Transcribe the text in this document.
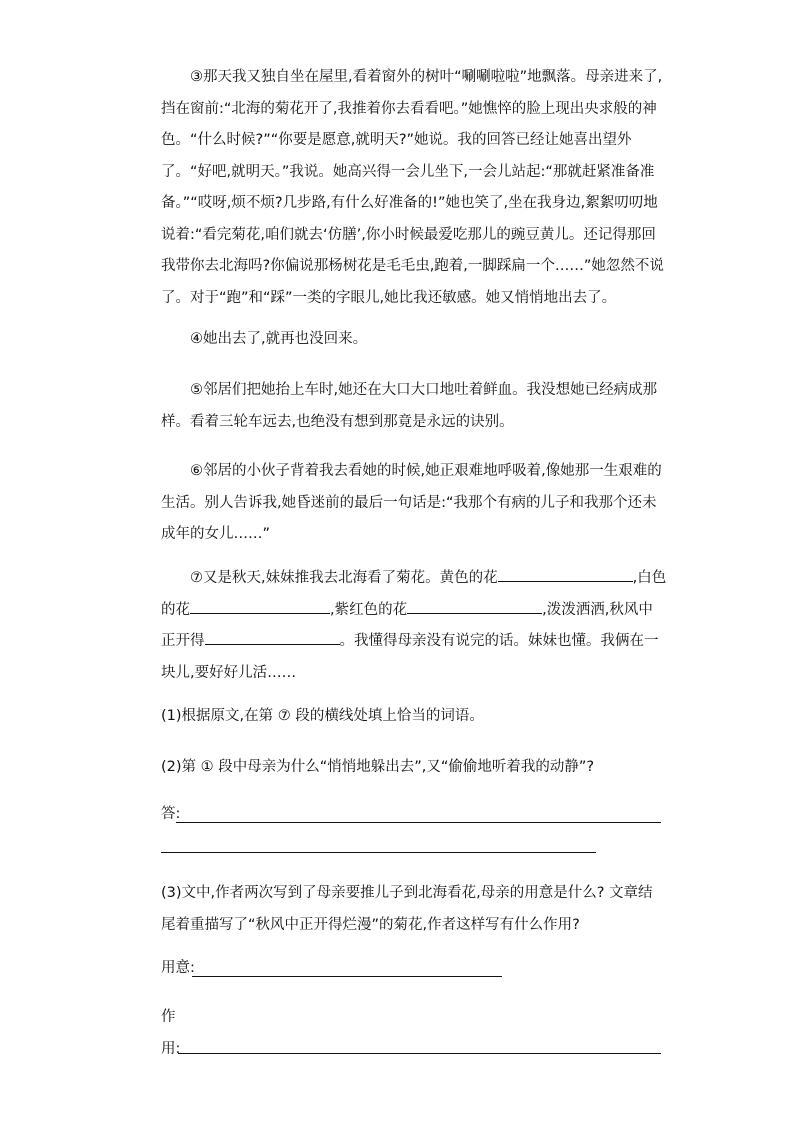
③那天我又独自坐在屋里,看着窗外的树叶“唰唰啦啦”地飘落。母亲进来了,挡在窗前:“北海的菊花开了,我推着你去看看吧。”她憔悴的脸上现出央求般的神色。“什么时候?”“你要是愿意,就明天?”她说。我的回答已经让她喜出望外了。“好吧,就明天。”我说。她高兴得一会儿坐下,一会儿站起:“那就赶紧准备准备。”“哎呀,烦不烦?几步路,有什么好准备的!”她也笑了,坐在我身边,絮絮叨叨地说着:“看完菊花,咱们就去‘仿膳’,你小时候最爱吃那儿的豌豆黄儿。还记得那回我带你去北海吗?你偏说那杨树花是毛毛虫,跑着,一脚踩扁一个……”她忽然不说了。对于“跑”和“踩”一类的字眼儿,她比我还敏感。她又悄悄地出去了。

④她出去了,就再也没回来。

⑤邻居们把她抬上车时,她还在大口大口地吐着鲜血。我没想她已经病成那样。看着三轮车远去,也绝没有想到那竟是永远的诀别。

⑥邻居的小伙子背着我去看她的时候,她正艰难地呼吸着,像她那一生艰难的生活。别人告诉我,她昏迷前的最后一句话是:“我那个有病的儿子和我那个还未成年的女儿……”

⑦又是秋天,妹妹推我去北海看了菊花。黄色的花	,白色的花	,紫红色的花	,泼泼洒洒,秋风中正开得	。我懂得母亲没有说完的话。妹妹也懂。我俩在一块儿,要好好儿活……

(1)根据原文,在第 ⑦ 段的横线处填上恰当的词语。

(2)第 ① 段中母亲为什么“悄悄地躲出去”,又“偷偷地听着我的动静”?

答:

(3)文中,作者两次写到了母亲要推儿子到北海看花,母亲的用意是什么? 文章结尾着重描写了“秋风中正开得烂漫”的菊花,作者这样写有什么作用?

用意:
作
用:
